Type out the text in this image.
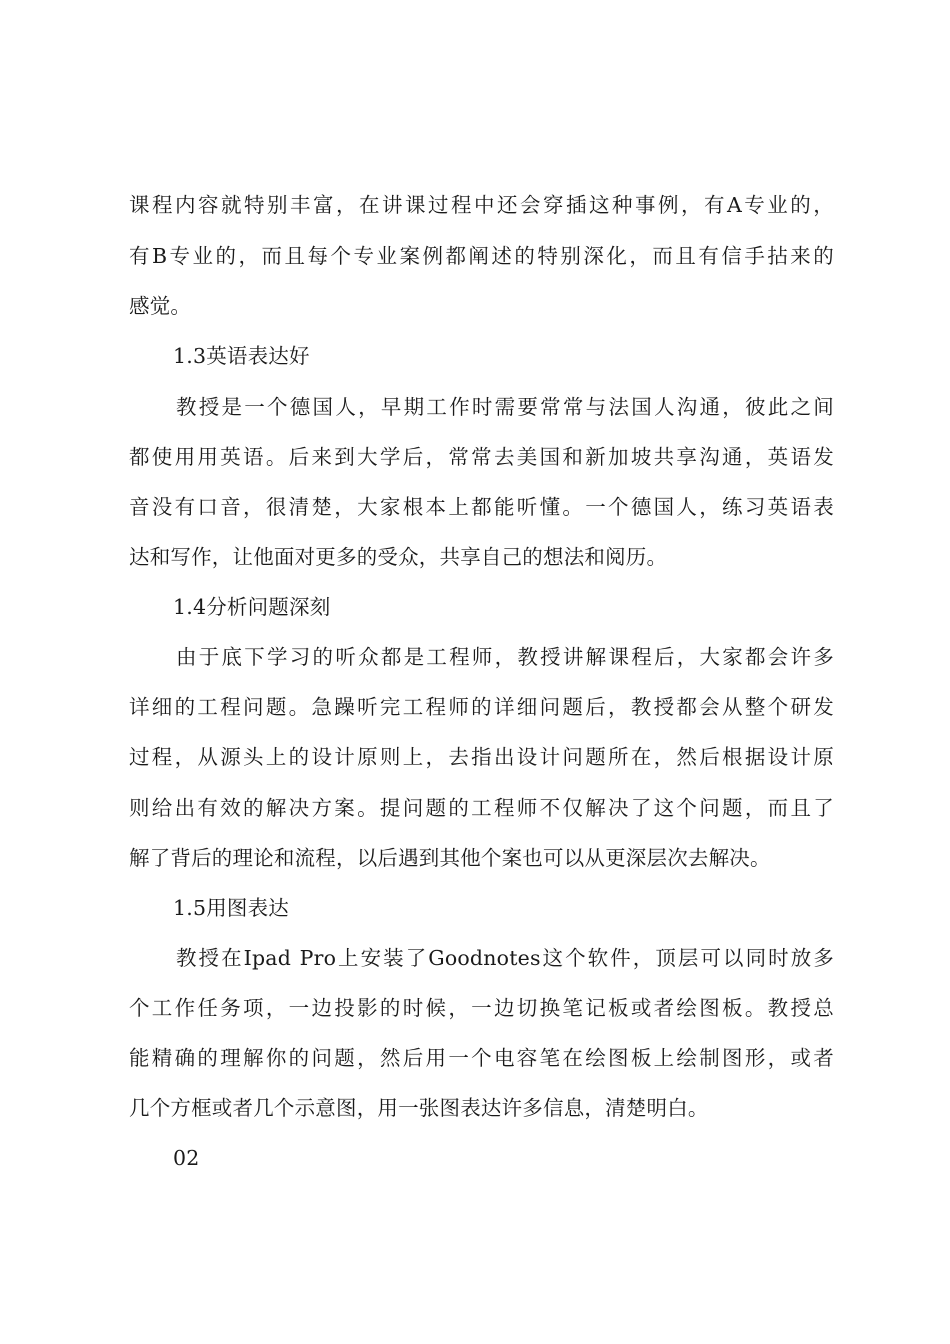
课程内容就特别丰富，在讲课过程中还会穿插这种事例，有A专业的，

有B专业的，而且每个专业案例都阐述的特别深化，而且有信手拈来的

感觉。

1.3英语表达好

教授是一个德国人，早期工作时需要常常与法国人沟通，彼此之间

都使用用英语。后来到大学后，常常去美国和新加坡共享沟通，英语发

音没有口音，很清楚，大家根本上都能听懂。一个德国人，练习英语表

达和写作，让他面对更多的受众，共享自己的想法和阅历。

1.4分析问题深刻

由于底下学习的听众都是工程师，教授讲解课程后，大家都会许多

详细的工程问题。急躁听完工程师的详细问题后，教授都会从整个研发

过程，从源头上的设计原则上，去指出设计问题所在，然后根据设计原

则给出有效的解决方案。提问题的工程师不仅解决了这个问题，而且了

解了背后的理论和流程，以后遇到其他个案也可以从更深层次去解决。

1.5用图表达

教授在Ipad Pro上安装了Goodnotes这个软件，顶层可以同时放多

个工作任务项，一边投影的时候，一边切换笔记板或者绘图板。教授总

能精确的理解你的问题，然后用一个电容笔在绘图板上绘制图形，或者

几个方框或者几个示意图，用一张图表达许多信息，清楚明白。

02
